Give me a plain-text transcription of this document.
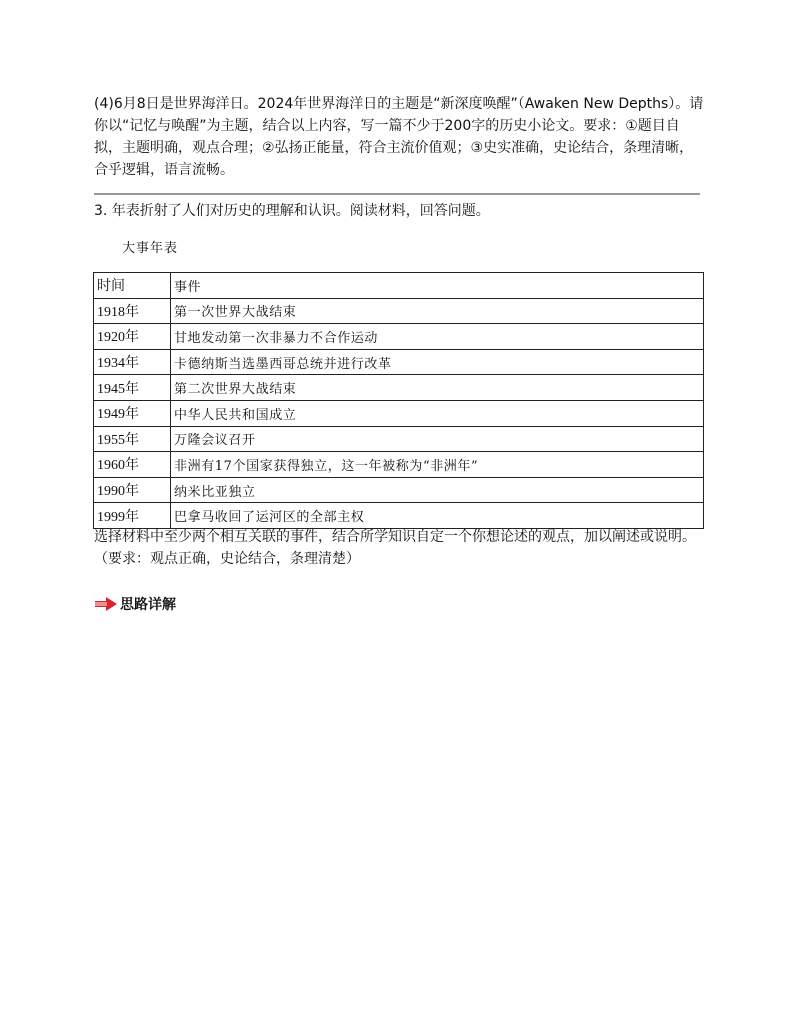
(4)6月8日是世界海洋日。2024年世界海洋日的主题是“新深度唤醒”（Awaken New Depths）。请你以“记忆与唤醒”为主题，结合以上内容，写一篇不少于200字的历史小论文。要求：①题目自拟，主题明确，观点合理；②弘扬正能量，符合主流价值观；③史实准确，史论结合，条理清晰，合乎逻辑，语言流畅。

3. 年表折射了人们对历史的理解和认识。阅读材料，回答问题。

大事年表
时间	事件
1918年	第一次世界大战结束
1920年	甘地发动第一次非暴力不合作运动
1934年	卡德纳斯当选墨西哥总统并进行改革
1945年	第二次世界大战结束
1949年	中华人民共和国成立
1955年	万隆会议召开
1960年	非洲有17个国家获得独立，这一年被称为“非洲年”
1990年	纳米比亚独立
1999年	巴拿马收回了运河区的全部主权

选择材料中至少两个相互关联的事件，结合所学知识自定一个你想论述的观点，加以阐述或说明。（要求：观点正确，史论结合，条理清楚）

思路详解
